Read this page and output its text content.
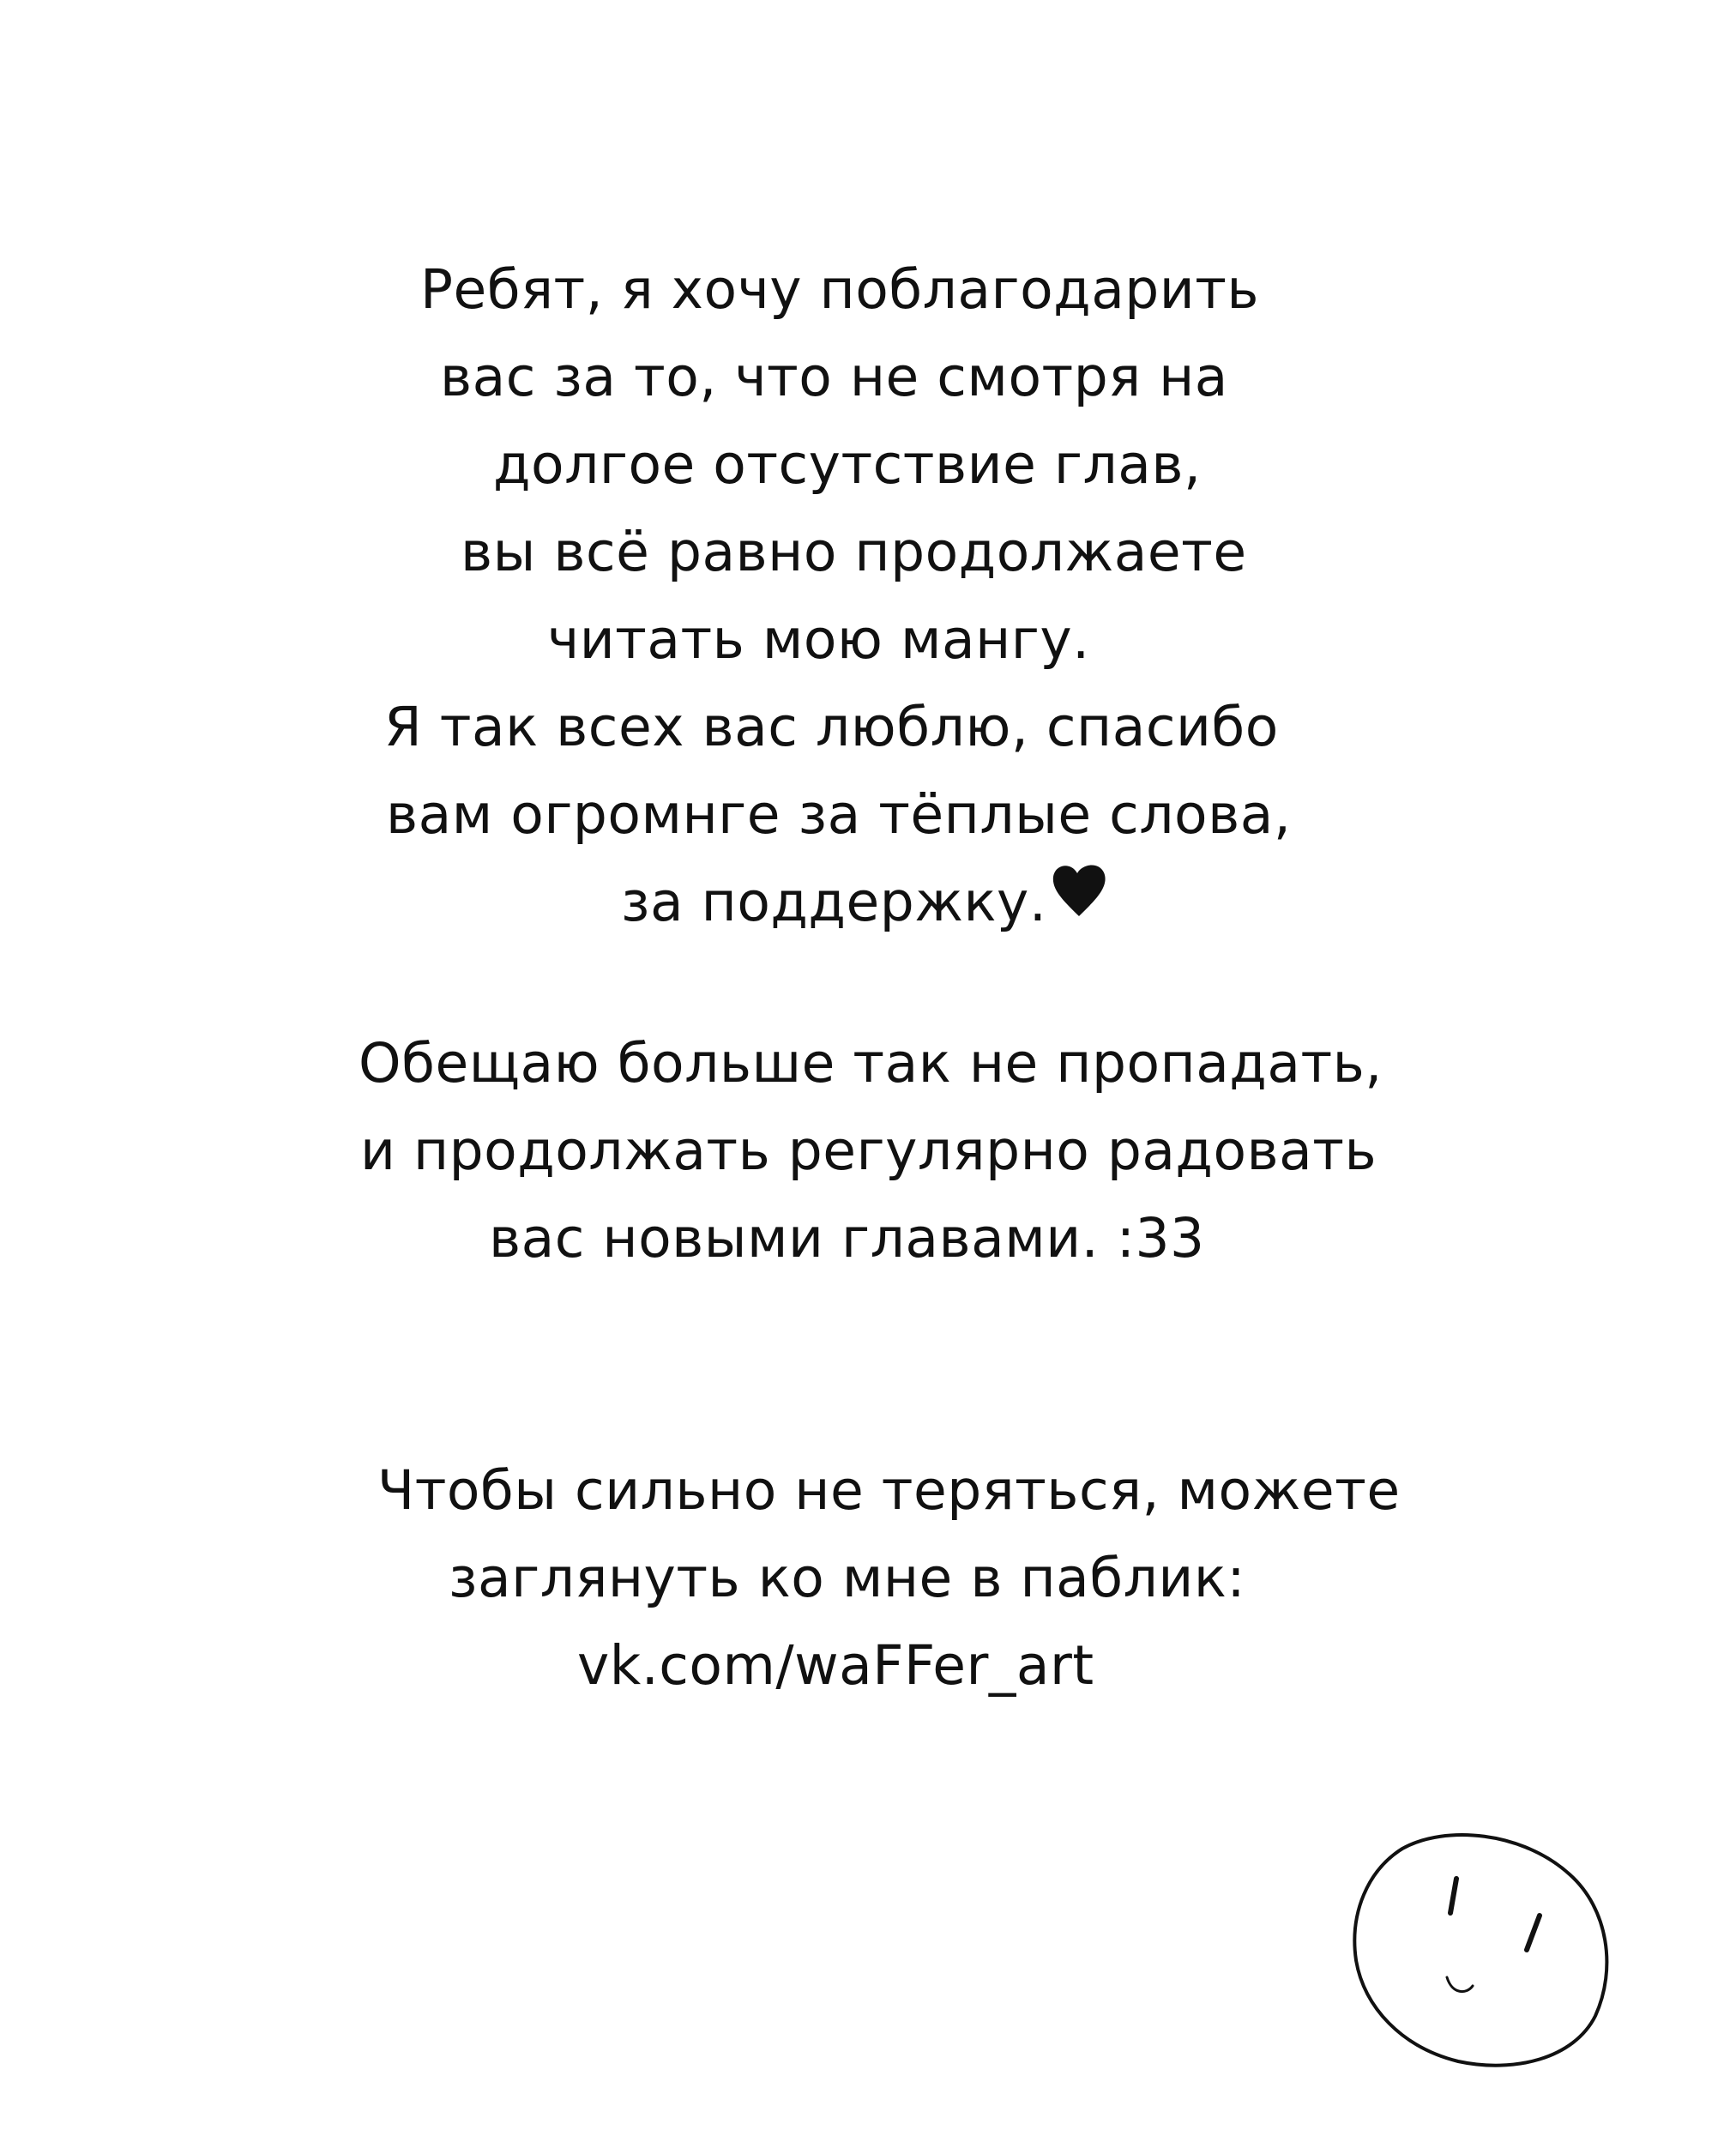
Ребят, я хочу поблагодарить
вас за то, что не смотря на
долгое отсутствие глав,
вы всё равно продолжаете
читать мою мангу.
Я так всех вас люблю, спасибо
вам огромнге за тёплые слова,
за поддержку.
Обещаю больше так не пропадать,
и продолжать регулярно радовать
вас новыми главами. :33
Чтобы сильно не теряться, можете
заглянуть ко мне в паблик:
vk.com/waFFer_art
